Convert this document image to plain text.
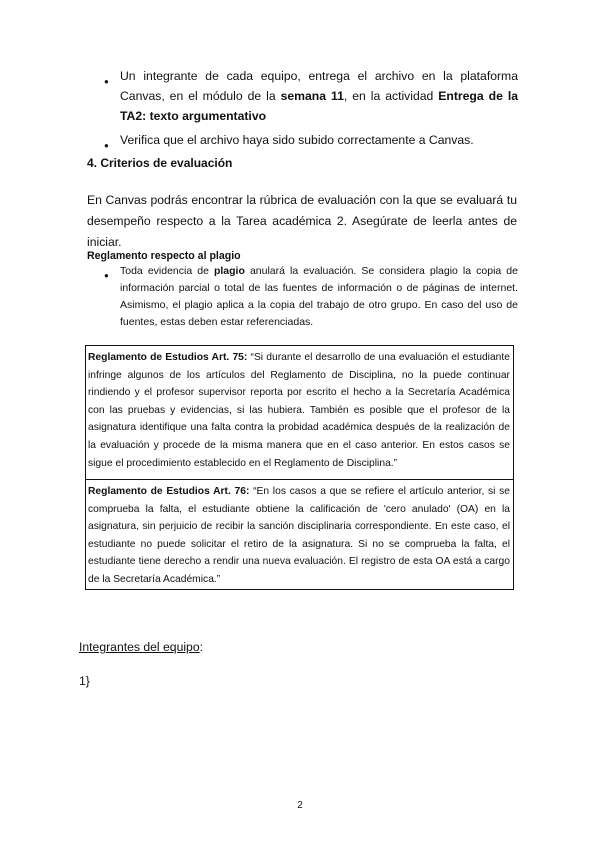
● Un integrante de cada equipo, entrega el archivo en la plataforma Canvas, en el módulo de la semana 11, en la actividad Entrega de la TA2: texto argumentativo
● Verifica que el archivo haya sido subido correctamente a Canvas.
4. Criterios de evaluación

En Canvas podrás encontrar la rúbrica de evaluación con la que se evaluará tu desempeño respecto a la Tarea académica 2. Asegúrate de leerla antes de iniciar.

Reglamento respecto al plagio
● Toda evidencia de plagio anulará la evaluación. Se considera plagio la copia de información parcial o total de las fuentes de información o de páginas de internet. Asimismo, el plagio aplica a la copia del trabajo de otro grupo. En caso del uso de fuentes, estas deben estar referenciadas.
Reglamento de Estudios Art. 75: “Si durante el desarrollo de una evaluación el estudiante infringe algunos de los artículos del Reglamento de Disciplina, no la puede continuar rindiendo y el profesor supervisor reporta por escrito el hecho a la Secretaría Académica con las pruebas y evidencias, si las hubiera. También es posible que el profesor de la asignatura identifique una falta contra la probidad académica después de la realización de la evaluación y procede de la misma manera que en el caso anterior. En estos casos se sigue el procedimiento establecido en el Reglamento de Disciplina.”
Reglamento de Estudios Art. 76: “En los casos a que se refiere el artículo anterior, si se comprueba la falta, el estudiante obtiene la calificación de 'cero anulado' (OA) en la asignatura, sin perjuicio de recibir la sanción disciplinaria correspondiente. En este caso, el estudiante no puede solicitar el retiro de la asignatura. Si no se comprueba la falta, el estudiante tiene derecho a rendir una nueva evaluación. El registro de esta OA está a cargo de la Secretaría Académica.”

Integrantes del equipo:

1}

2
